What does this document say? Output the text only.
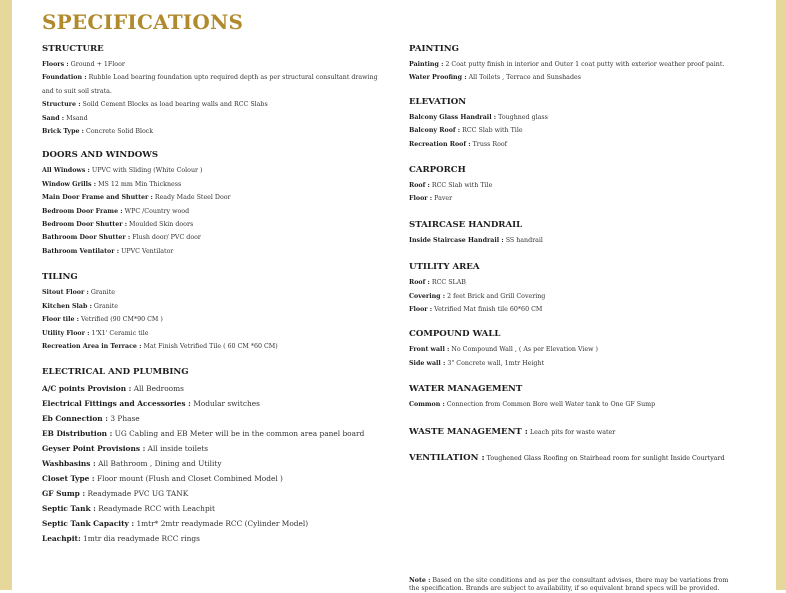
SPECIFICATIONS
STRUCTURE
Floors : Ground + 1Floor
Foundation : Rubble Load bearing foundation upto required depth as per structural consultant drawing
and to suit soil strata.
Structure : Soild Cement Blocks as load bearing walls and RCC Slabs
Sand : Msand
Brick Type : Concrete Solid Block
DOORS AND WINDOWS
All Windows : UPVC with Sliding (White Colour )
Window Grills : MS 12 mm Min Thickness
Main Door Frame and Shutter : Ready Made Steel Door
Bedroom Door Frame : WPC /Country wood
Bedroom Door Shutter : Moulded Skin doors
Bathroom Door Shutter : Flush door/ PVC door
Bathroom Ventilator : UPVC Ventilator
TILING
Sitout Floor : Granite
Kitchen Slab : Granite
Floor tile : Vetrified (90 CM*90 CM )
Utility Floor : 1'X1' Ceramic tile
Recreation Area in Terrace : Mat Finish Vetrified Tile ( 60 CM *60 CM)
ELECTRICAL AND PLUMBING
A/C points Provision : All Bedrooms
Electrical Fittings and Accessories : Modular switches
Eb Connection : 3 Phase
EB Distribution : UG Cabling and EB Meter will be in the common area panel board
Geyser Point Provisions : All inside toilets
Washbasins : All Bathroom , Dining and Utility
Closet Type : Floor mount (Flush and Closet Combined Model )
GF Sump : Readymade PVC UG TANK
Septic Tank : Readymade RCC with Leachpit
Septic Tank Capacity : 1mtr* 2mtr readymade RCC (Cylinder Model)
Leachpit: 1mtr dia readymade RCC rings
PAINTING
Painting : 2 Coat putty finish in interior and Outer 1 coat putty with exterior weather proof paint.
Water Proofing : All Toilets , Terrace and Sunshades
ELEVATION
Balcony Glass Handrail : Toughned glass
Balcony Roof : RCC Slab with Tile
Recreation Roof : Truss Roof
CARPORCH
Roof : RCC Slab with Tile
Floor : Paver
STAIRCASE HANDRAIL
Inside Staircase Handrail : SS handrail
UTILITY AREA
Roof : RCC SLAB
Covering : 2 feet Brick and Grill Covering
Floor : Vetrified Mat finish tile 60*60 CM
COMPOUND WALL
Front wall : No Compound Wall , ( As per Elevation View )
Side wall : 3" Concrete wall, 1mtr Height
WATER MANAGEMENT
Common : Connection from Common Bore well Water tank to One GF Sump
WASTE MANAGEMENT : Leach pits for waste water
VENTILATION : Toughened Glass Roofing on Stairhead room for sunlight Inside Courtyard
Note : Based on the site conditions and as per the consultant advises, there may be variations from the specification. Brands are subject to availability, if so equivalent brand specs will be provided.
